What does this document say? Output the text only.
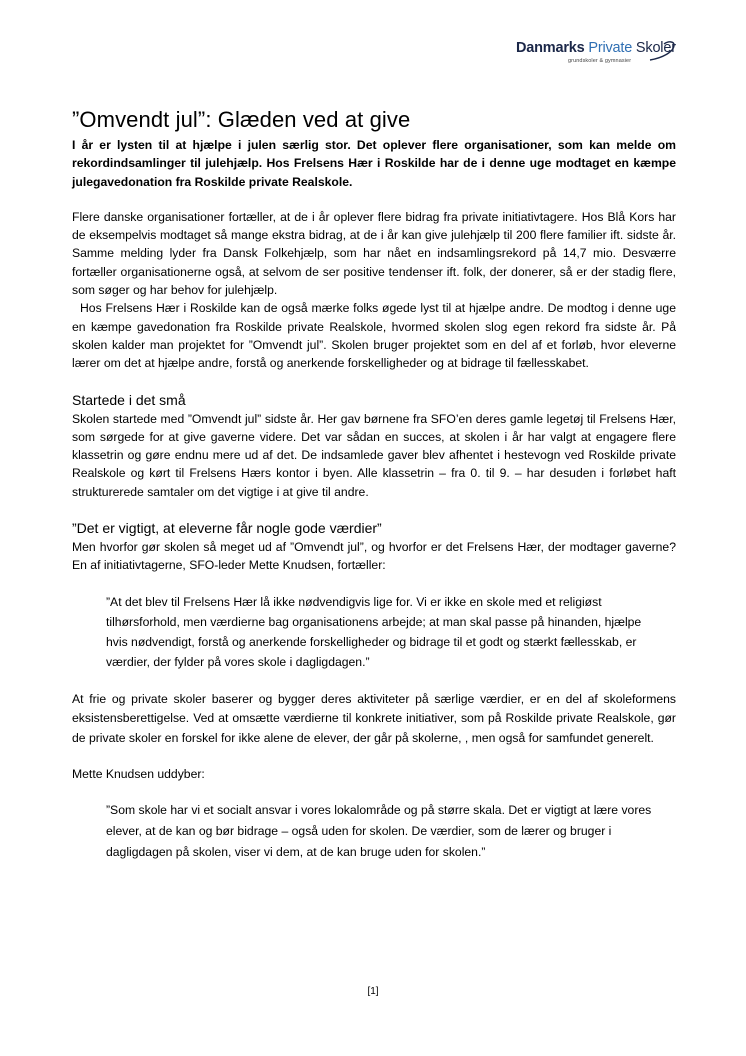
Danmarks Private Skoler
grundskoler & gymnasier
”Omvendt jul”: Glæden ved at give

I år er lysten til at hjælpe i julen særlig stor. Det oplever flere organisationer, som kan melde om rekordindsamlinger til julehjælp. Hos Frelsens Hær i Roskilde har de i denne uge modtaget en kæmpe julegavedonation fra Roskilde private Realskole.

Flere danske organisationer fortæller, at de i år oplever flere bidrag fra private initiativtagere. Hos Blå Kors har de eksempelvis modtaget så mange ekstra bidrag, at de i år kan give julehjælp til 200 flere familier ift. sidste år. Samme melding lyder fra Dansk Folkehjælp, som har nået en indsamlingsrekord på 14,7 mio. Desværre fortæller organisationerne også, at selvom de ser positive tendenser ift. folk, der donerer, så er der stadig flere, som søger og har behov for julehjælp.

Hos Frelsens Hær i Roskilde kan de også mærke folks øgede lyst til at hjælpe andre. De modtog i denne uge en kæmpe gavedonation fra Roskilde private Realskole, hvormed skolen slog egen rekord fra sidste år. På skolen kalder man projektet for ”Omvendt jul”. Skolen bruger projektet som en del af et forløb, hvor eleverne lærer om det at hjælpe andre, forstå og anerkende forskelligheder og at bidrage til fællesskabet.

Startede i det små

Skolen startede med ”Omvendt jul” sidste år. Her gav børnene fra SFO’en deres gamle legetøj til Frelsens Hær, som sørgede for at give gaverne videre. Det var sådan en succes, at skolen i år har valgt at engagere flere klassetrin og gøre endnu mere ud af det. De indsamlede gaver blev afhentet i hestevogn ved Roskilde private Realskole og kørt til Frelsens Hærs kontor i byen. Alle klassetrin – fra 0. til 9. – har desuden i forløbet haft strukturerede samtaler om det vigtige i at give til andre.

”Det er vigtigt, at eleverne får nogle gode værdier”

Men hvorfor gør skolen så meget ud af ”Omvendt jul”, og hvorfor er det Frelsens Hær, der modtager gaverne? En af initiativtagerne, SFO-leder Mette Knudsen, fortæller:

”At det blev til Frelsens Hær lå ikke nødvendigvis lige for. Vi er ikke en skole med et religiøst tilhørsforhold, men værdierne bag organisationens arbejde; at man skal passe på hinanden, hjælpe hvis nødvendigt, forstå og anerkende forskelligheder og bidrage til et godt og stærkt fællesskab, er værdier, der fylder på vores skole i dagligdagen.”

At frie og private skoler baserer og bygger deres aktiviteter på særlige værdier, er en del af skoleformens eksistensberettigelse. Ved at omsætte værdierne til konkrete initiativer, som på Roskilde private Realskole, gør de private skoler en forskel for ikke alene de elever, der går på skolerne, , men også for samfundet generelt.

Mette Knudsen uddyber:

”Som skole har vi et socialt ansvar i vores lokalområde og på større skala. Det er vigtigt at lære vores elever, at de kan og bør bidrage – også uden for skolen. De værdier, som de lærer og bruger i dagligdagen på skolen, viser vi dem, at de kan bruge uden for skolen.”

[1]
